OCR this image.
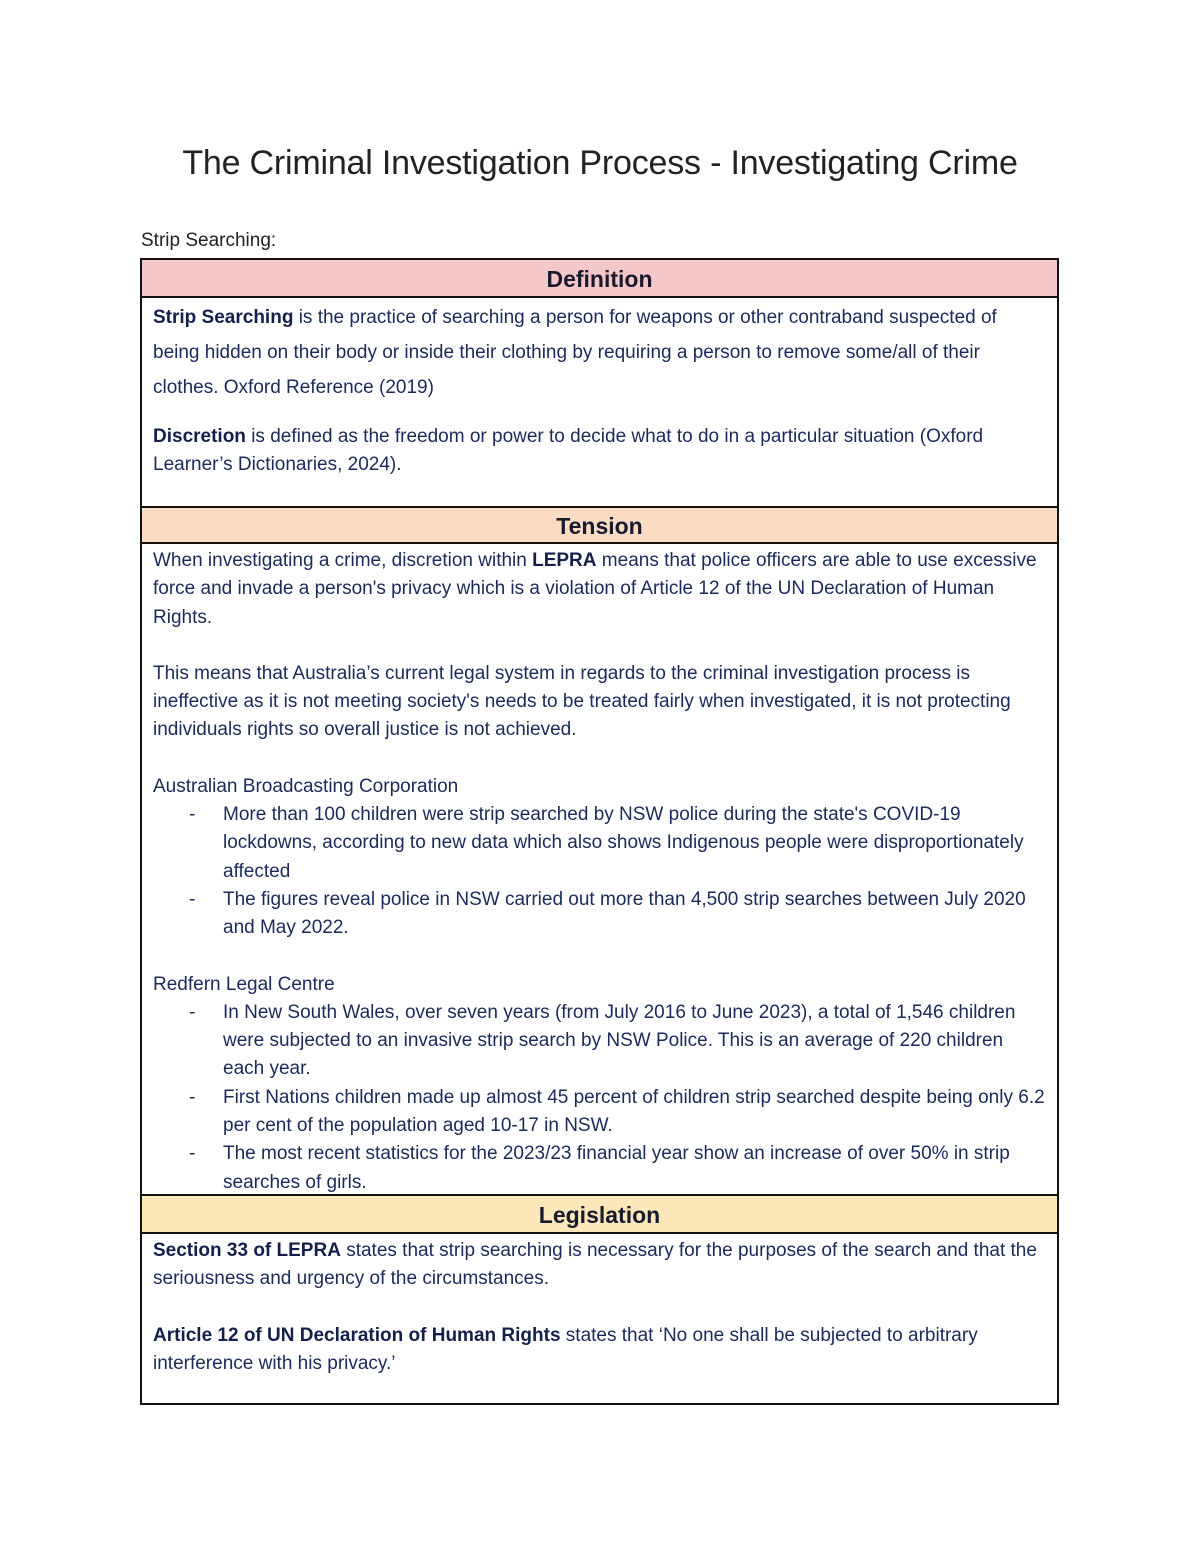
The Criminal Investigation Process - Investigating Crime
Strip Searching:
Definition

Strip Searching is the practice of searching a person for weapons or other contraband suspected of being hidden on their body or inside their clothing by requiring a person to remove some/all of their clothes. Oxford Reference (2019)

Discretion is defined as the freedom or power to decide what to do in a particular situation (Oxford Learner’s Dictionaries, 2024).

Tension

When investigating a crime, discretion within LEPRA means that police officers are able to use excessive force and invade a person's privacy which is a violation of Article 12 of the UN Declaration of Human Rights.

This means that Australia’s current legal system in regards to the criminal investigation process is ineffective as it is not meeting society's needs to be treated fairly when investigated, it is not protecting individuals rights so overall justice is not achieved.

Australian Broadcasting Corporation

- More than 100 children were strip searched by NSW police during the state's COVID-19 lockdowns, according to new data which also shows Indigenous people were disproportionately affected
- The figures reveal police in NSW carried out more than 4,500 strip searches between July 2020 and May 2022.

Redfern Legal Centre

- In New South Wales, over seven years (from July 2016 to June 2023), a total of 1,546 children were subjected to an invasive strip search by NSW Police. This is an average of 220 children each year.
- First Nations children made up almost 45 percent of children strip searched despite being only 6.2 per cent of the population aged 10-17 in NSW.
- The most recent statistics for the 2023/23 financial year show an increase of over 50% in strip searches of girls.
Legislation

Section 33 of LEPRA states that strip searching is necessary for the purposes of the search and that the seriousness and urgency of the circumstances.

Article 12 of UN Declaration of Human Rights states that ‘No one shall be subjected to arbitrary interference with his privacy.’
